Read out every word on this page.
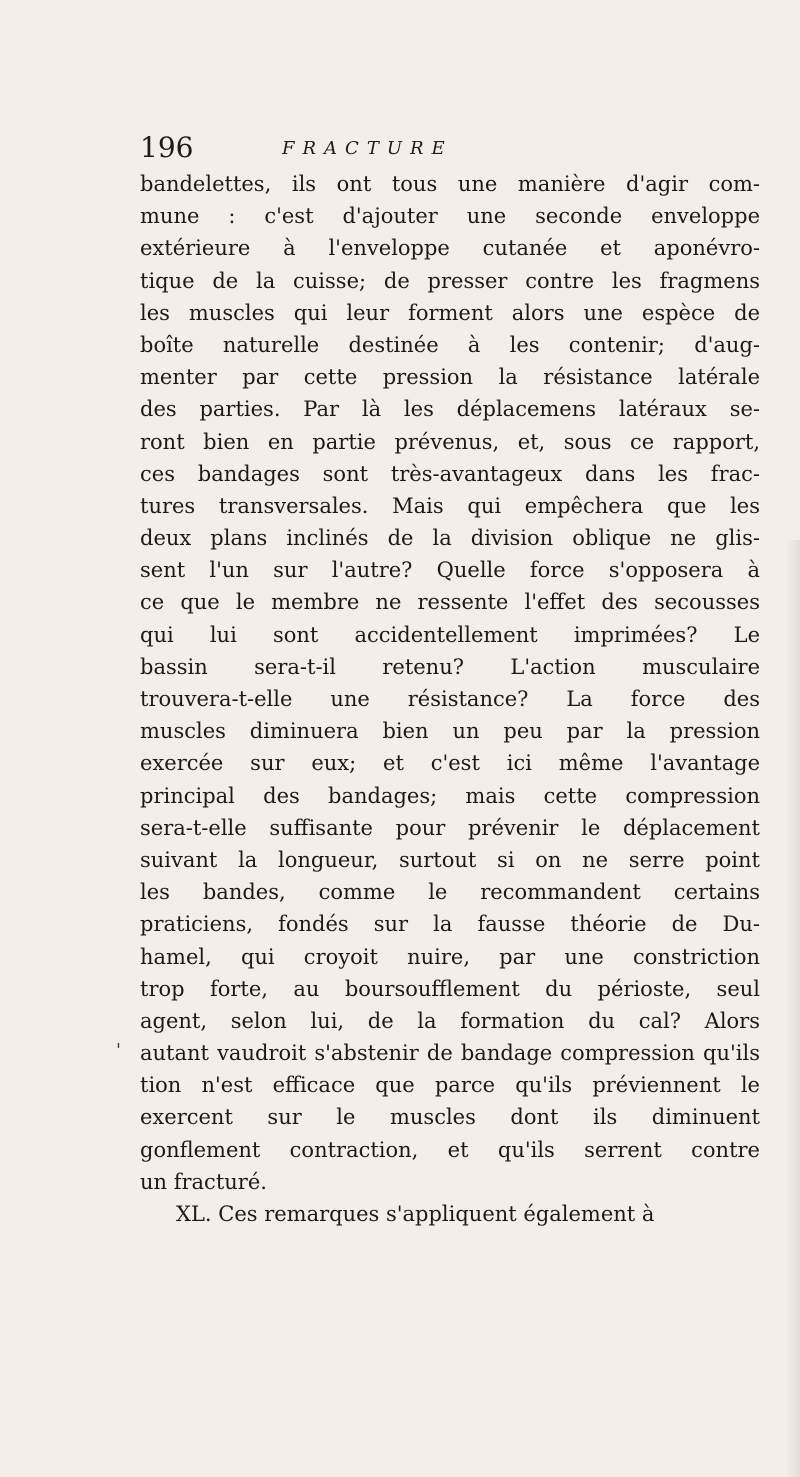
196	FRACTURE
'
bandelettes, ils ont tous une manière d'agir com-
mune : c'est d'ajouter une seconde enveloppe
extérieure à l'enveloppe cutanée et aponévro-
tique de la cuisse; de presser contre les fragmens
les muscles qui leur forment alors une espèce de
boîte naturelle destinée à les contenir; d'aug-
menter par cette pression la résistance latérale
des parties. Par là les déplacemens latéraux se-
ront bien en partie prévenus, et, sous ce rapport,
ces bandages sont très-avantageux dans les frac-
tures transversales. Mais qui empêchera que les
deux plans inclinés de la division oblique ne glis-
sent l'un sur l'autre? Quelle force s'opposera à
ce que le membre ne ressente l'effet des secousses
qui lui sont accidentellement imprimées? Le
bassin sera-t-il retenu? L'action musculaire
trouvera-t-elle une résistance? La force des
muscles diminuera bien un peu par la pression
exercée sur eux; et c'est ici même l'avantage
principal des bandages; mais cette compression
sera-t-elle suffisante pour prévenir le déplacement
suivant la longueur, surtout si on ne serre point
les bandes, comme le recommandent certains
praticiens, fondés sur la fausse théorie de Du-
hamel, qui croyoit nuire, par une constriction
trop forte, au boursoufflement du périoste, seul
agent, selon lui, de la formation du cal? Alors
autant vaudroit s'abstenir de bandage compression qu'ils
tion n'est efficace que parce qu'ils préviennent le
exercent sur le muscles dont ils diminuent
gonflement contraction, et qu'ils serrent contre
un fracturé.
XL. Ces remarques s'appliquent également à
